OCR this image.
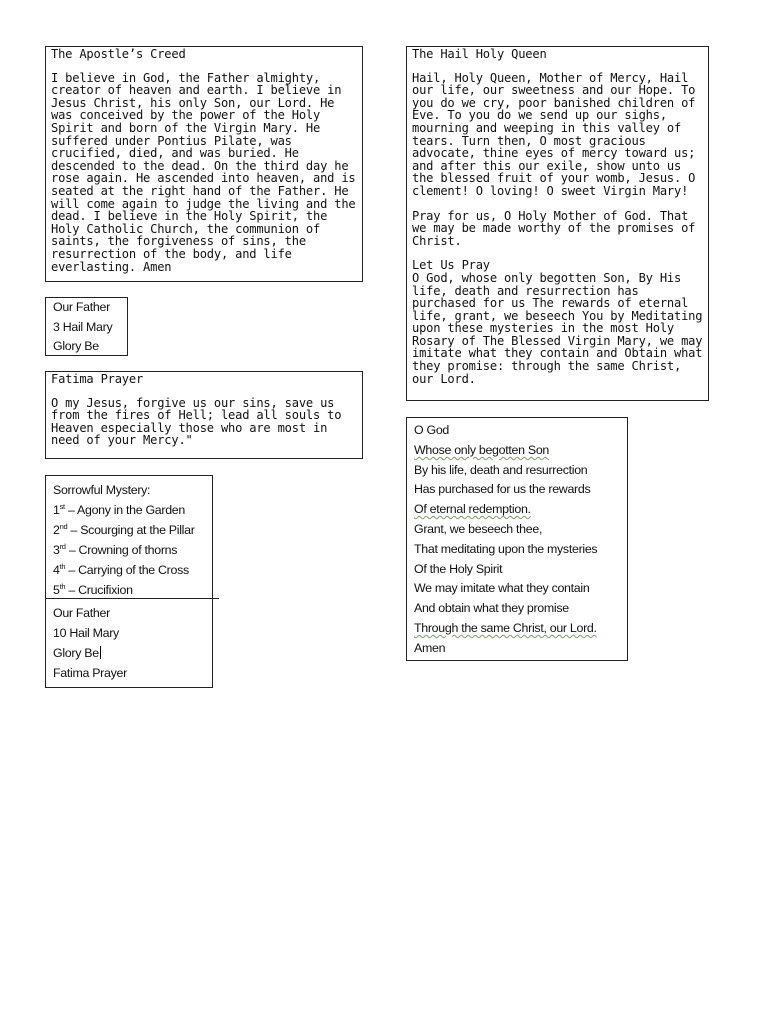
The Apostle’s Creed

I believe in God, the Father almighty, creator of heaven and earth. I believe in Jesus Christ, his only Son, our Lord. He was conceived by the power of the Holy Spirit and born of the Virgin Mary. He suffered under Pontius Pilate, was crucified, died, and was buried. He descended to the dead. On the third day he rose again. He ascended into heaven, and is seated at the right hand of the Father. He will come again to judge the living and the dead. I believe in the Holy Spirit, the Holy Catholic Church, the communion of saints, the forgiveness of sins, the resurrection of the body, and life everlasting. Amen

Our Father
3 Hail Mary
Glory Be
Fatima Prayer

O my Jesus, forgive us our sins, save us from the fires of Hell; lead all souls to Heaven especially those who are most in need of your Mercy."

Sorrowful Mystery:
1st – Agony in the Garden
2nd – Scourging at the Pillar
3rd – Crowning of thorns
4th – Carrying of the Cross
5th – Crucifixion
Our Father
10 Hail Mary
Glory Be
Fatima Prayer
The Hail Holy Queen

Hail, Holy Queen, Mother of Mercy, Hail our life, our sweetness and our Hope. To you do we cry, poor banished children of Eve. To you do we send up our sighs, mourning and weeping in this valley of tears. Turn then, O most gracious advocate, thine eyes of mercy toward us; and after this our exile, show unto us the blessed fruit of your womb, Jesus. O clement! O loving! O sweet Virgin Mary!

Pray for us, O Holy Mother of God. That we may be made worthy of the promises of Christ.

Let Us Pray

O God, whose only begotten Son, By His life, death and resurrection has purchased for us The rewards of eternal life, grant, we beseech You by Meditating upon these mysteries in the most Holy Rosary of The Blessed Virgin Mary, we may imitate what they contain and Obtain what they promise: through the same Christ, our Lord.

O God
Whose only begotten Son
By his life, death and resurrection
Has purchased for us the rewards
Of eternal redemption.
Grant, we beseech thee,
That meditating upon the mysteries
Of the Holy Spirit
We may imitate what they contain
And obtain what they promise
Through the same Christ, our Lord.
Amen
